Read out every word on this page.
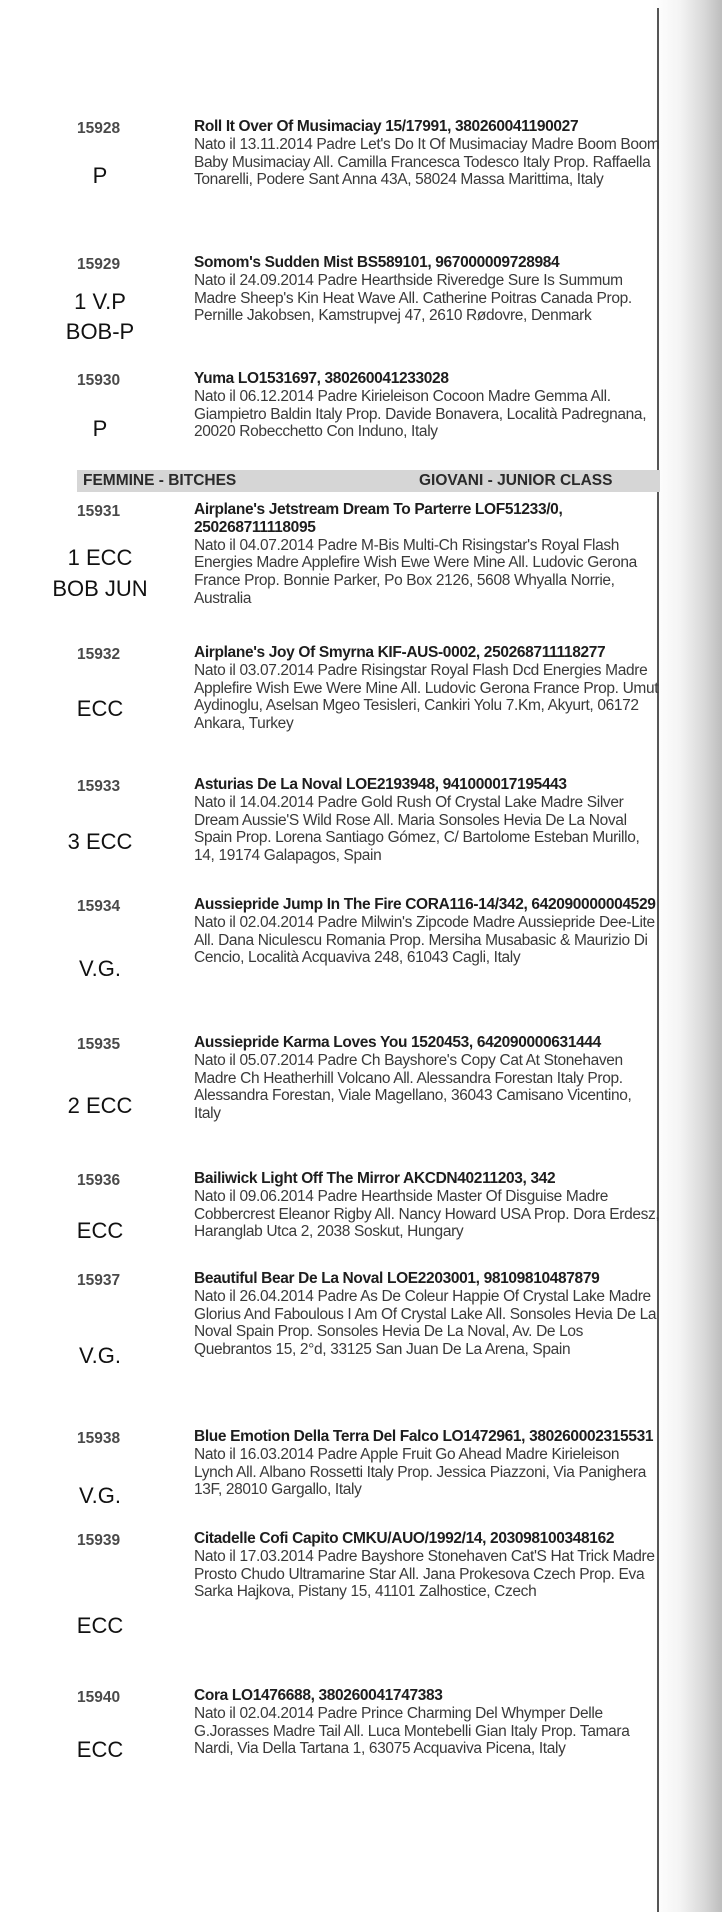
FEMMINE - BITCHES	GIOVANI - JUNIOR CLASS
15928	Roll It Over Of Musimaciay 15/17991, 380260041190027
Nato il 13.11.2014 Padre Let's Do It Of Musimaciay Madre Boom Boom Baby Musimaciay All. Camilla Francesca Todesco Italy Prop. Raffaella Tonarelli, Podere Sant Anna 43A, 58024 Massa Marittima, Italy
P
15929	Somom's Sudden Mist BS589101, 967000009728984
Nato il 24.09.2014 Padre Hearthside Riveredge Sure Is Summum Madre Sheep's Kin Heat Wave All. Catherine Poitras Canada Prop. Pernille Jakobsen, Kamstrupvej 47, 2610 Rødovre, Denmark
1 V.P
BOB-P
15930	Yuma LO1531697, 380260041233028
Nato il 06.12.2014 Padre Kirieleison Cocoon Madre Gemma All. Giampietro Baldin Italy Prop. Davide Bonavera, Località Padregnana, 20020 Robecchetto Con Induno, Italy
P
15931	Airplane's Jetstream Dream To Parterre LOF51233/0, 250268711118095
Nato il 04.07.2014 Padre M-Bis Multi-Ch Risingstar's Royal Flash Energies Madre Applefire Wish Ewe Were Mine All. Ludovic Gerona France Prop. Bonnie Parker, Po Box 2126, 5608 Whyalla Norrie, Australia
1 ECC
BOB JUN
15932	Airplane's Joy Of Smyrna KIF-AUS-0002, 250268711118277
Nato il 03.07.2014 Padre Risingstar Royal Flash Dcd Energies Madre Applefire Wish Ewe Were Mine All. Ludovic Gerona France Prop. Umut Aydinoglu, Aselsan Mgeo Tesisleri, Cankiri Yolu 7.Km, Akyurt, 06172 Ankara, Turkey
ECC
15933	Asturias De La Noval LOE2193948, 941000017195443
Nato il 14.04.2014 Padre Gold Rush Of Crystal Lake Madre Silver Dream Aussie'S Wild Rose All. Maria Sonsoles Hevia De La Noval Spain Prop. Lorena Santiago Gómez, C/ Bartolome Esteban Murillo, 14, 19174 Galapagos, Spain
3 ECC
15934	Aussiepride Jump In The Fire CORA116-14/342, 642090000004529
Nato il 02.04.2014 Padre Milwin's Zipcode Madre Aussiepride Dee-Lite All. Dana Niculescu Romania Prop. Mersiha Musabasic & Maurizio Di Cencio, Località Acquaviva 248, 61043 Cagli, Italy
V.G.
15935	Aussiepride Karma Loves You 1520453, 642090000631444
Nato il 05.07.2014 Padre Ch Bayshore's Copy Cat At Stonehaven Madre Ch Heatherhill Volcano All. Alessandra Forestan Italy Prop. Alessandra Forestan, Viale Magellano, 36043 Camisano Vicentino, Italy
2 ECC
15936	Bailiwick Light Off The Mirror AKCDN40211203, 342
Nato il 09.06.2014 Padre Hearthside Master Of Disguise Madre Cobbercrest Eleanor Rigby All. Nancy Howard USA Prop. Dora Erdesz, Haranglab Utca 2, 2038 Soskut, Hungary
ECC
15937	Beautiful Bear De La Noval LOE2203001, 98109810487879
Nato il 26.04.2014 Padre As De Coleur Happie Of Crystal Lake Madre Glorius And Faboulous I Am Of Crystal Lake All. Sonsoles Hevia De La Noval Spain Prop. Sonsoles Hevia De La Noval, Av. De Los Quebrantos 15, 2°d, 33125 San Juan De La Arena, Spain
V.G.
15938	Blue Emotion Della Terra Del Falco LO1472961, 380260002315531
Nato il 16.03.2014 Padre Apple Fruit Go Ahead Madre Kirieleison Lynch All. Albano Rossetti Italy Prop. Jessica Piazzoni, Via Panighera 13F, 28010 Gargallo, Italy
V.G.
15939	Citadelle Cofi Capito CMKU/AUO/1992/14, 203098100348162
Nato il 17.03.2014 Padre Bayshore Stonehaven Cat'S Hat Trick Madre Prosto Chudo Ultramarine Star All. Jana Prokesova Czech Prop. Eva Sarka Hajkova, Pistany 15, 41101 Zalhostice, Czech
ECC
15940	Cora LO1476688, 380260041747383
Nato il 02.04.2014 Padre Prince Charming Del Whymper Delle G.Jorasses Madre Tail All. Luca Montebelli Gian Italy Prop. Tamara Nardi, Via Della Tartana 1, 63075 Acquaviva Picena, Italy
ECC
